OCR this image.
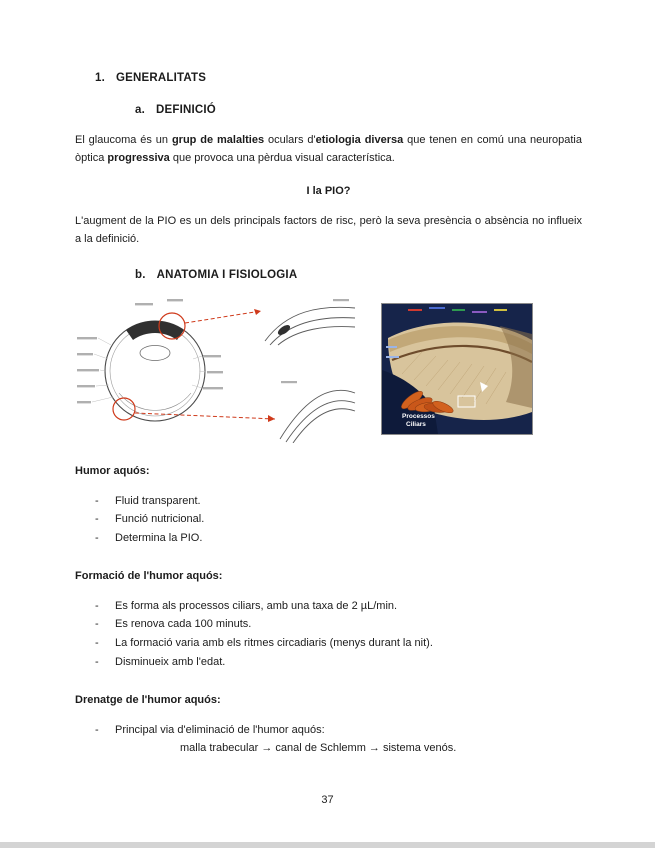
1. GENERALITATS
a. DEFINICIÓ

El glaucoma és un grup de malalties oculars d'etiologia diversa que tenen en comú una neuropatia òptica progressiva que provoca una pèrdua visual característica.

I la PIO?

L'augment de la PIO es un dels principals factors de risc, però la seva presència o absència no influeix a la definició.

b. ANATOMIA I FISIOLOGIA
Processos
Ciliars
Humor aquós:
-	Fluid transparent.
-	Funció nutricional.
-	Determina la PIO.
Formació de l'humor aquós:
-	Es forma als processos ciliars, amb una taxa de 2 µL/min.
-	Es renova cada 100 minuts.
-	La formació varia amb els ritmes circadiaris (menys durant la nit).
-	Disminueix amb l'edat.
Drenatge de l'humor aquós:
-	Principal via d'eliminació de l'humor aquós:
malla trabecular → canal de Schlemm → sistema venós.
37
